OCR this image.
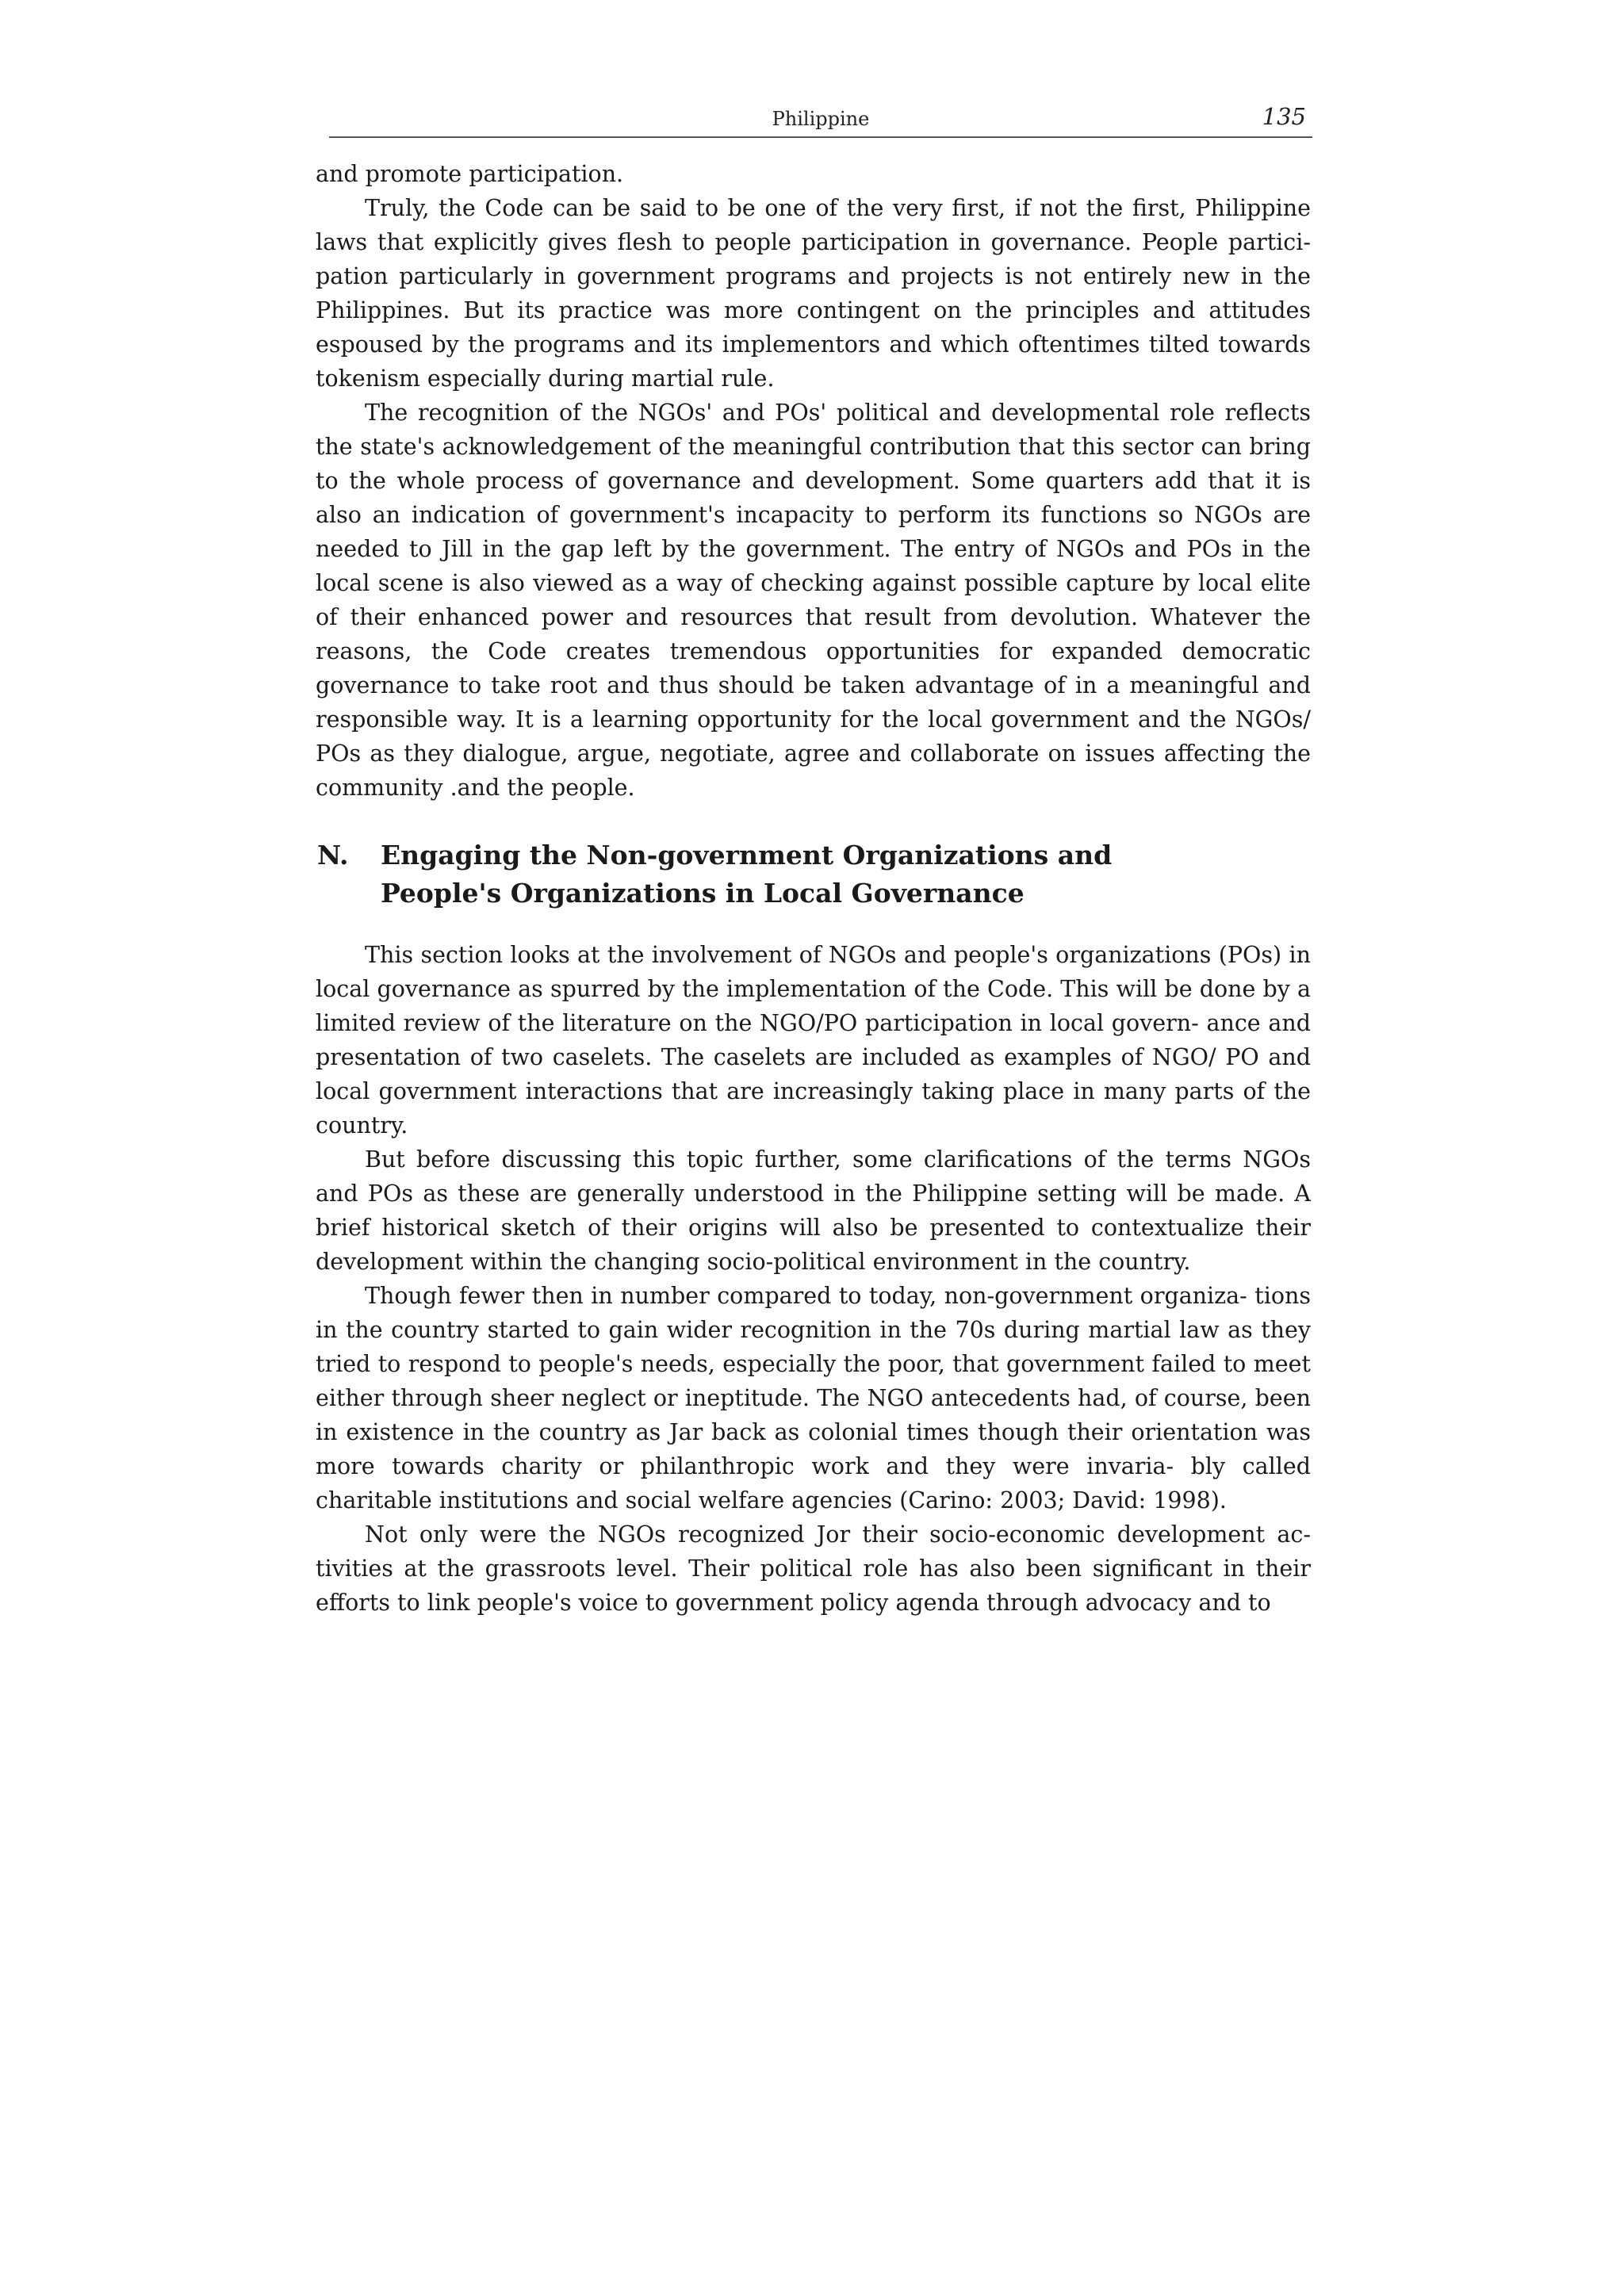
Philippine	135

and promote participation.

Truly, the Code can be said to be one of the very first, if not the first, Philippine laws that explicitly gives flesh to people participation in governance. People partici- pation particularly in government programs and projects is not entirely new in the Philippines. But its practice was more contingent on the principles and attitudes espoused by the programs and its implementors and which oftentimes tilted towards tokenism especially during martial rule.

The recognition of the NGOs' and POs' political and developmental role reflects the state's acknowledgement of the meaningful contribution that this sector can bring to the whole process of governance and development. Some quarters add that it is also an indication of government's incapacity to perform its functions so NGOs are needed to Jill in the gap left by the government. The entry of NGOs and POs in the local scene is also viewed as a way of checking against possible capture by local elite of their enhanced power and resources that result from devolution. Whatever the reasons, the Code creates tremendous opportunities for expanded democratic governance to take root and thus should be taken advantage of in a meaningful and responsible way. It is a learning opportunity for the local government and the NGOs/ POs as they dialogue, argue, negotiate, agree and collaborate on issues affecting the community .and the people.

N.	Engaging the Non-government Organizations and People's Organizations in Local Governance

This section looks at the involvement of NGOs and people's organizations (POs) in local governance as spurred by the implementation of the Code. This will be done by a limited review of the literature on the NGO/PO participation in local govern- ance and presentation of two caselets. The caselets are included as examples of NGO/ PO and local government interactions that are increasingly taking place in many parts of the country.

But before discussing this topic further, some clarifications of the terms NGOs and POs as these are generally understood in the Philippine setting will be made. A brief historical sketch of their origins will also be presented to contextualize their development within the changing socio-political environment in the country.

Though fewer then in number compared to today, non-government organiza- tions in the country started to gain wider recognition in the 70s during martial law as they tried to respond to people's needs, especially the poor, that government failed to meet either through sheer neglect or ineptitude. The NGO antecedents had, of course, been in existence in the country as Jar back as colonial times though their orientation was more towards charity or philanthropic work and they were invaria- bly called charitable institutions and social welfare agencies (Carino: 2003; David: 1998).

Not only were the NGOs recognized Jor their socio-economic development ac- tivities at the grassroots level. Their political role has also been significant in their efforts to link people's voice to government policy agenda through advocacy and to
